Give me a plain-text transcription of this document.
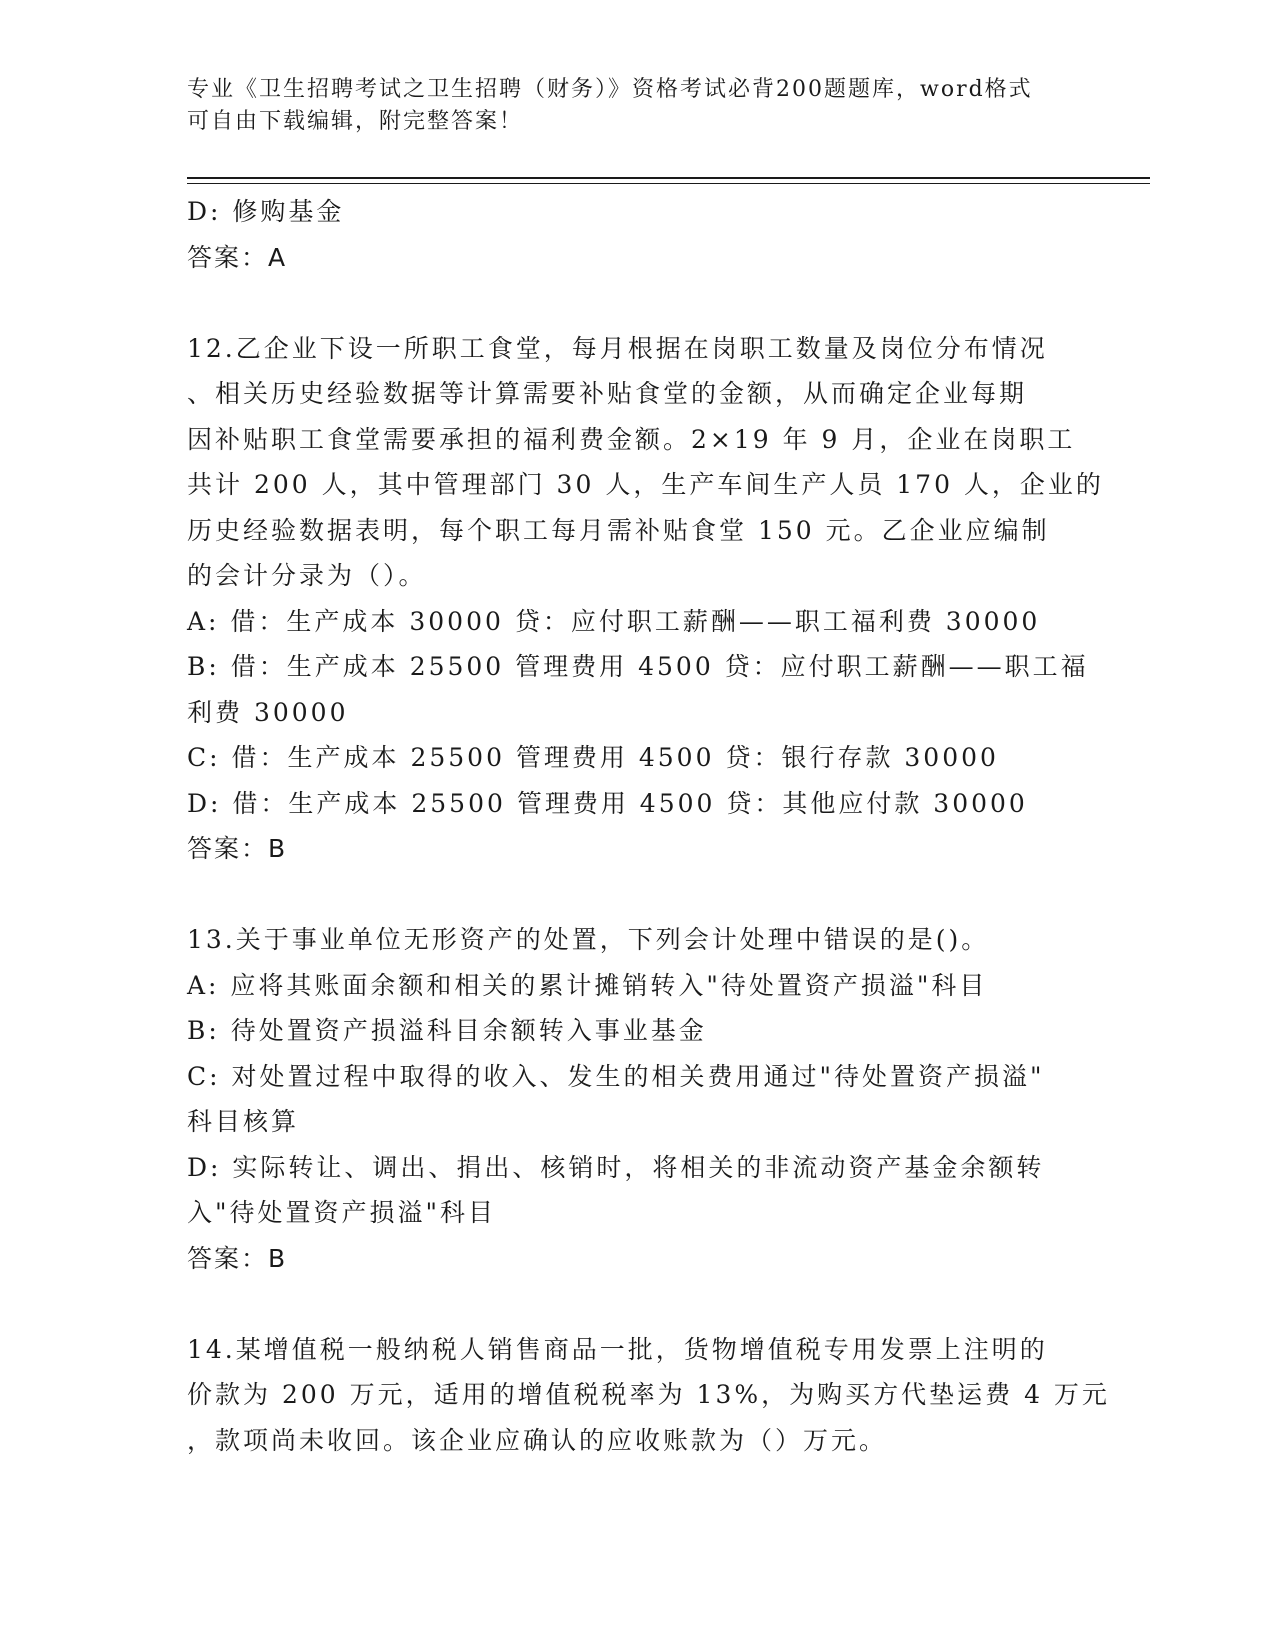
专业《卫生招聘考试之卫生招聘（财务）》资格考试必背200题题库，word格式
可自由下载编辑，附完整答案！
D: 修购基金
答案：A
12.乙企业下设一所职工食堂，每月根据在岗职工数量及岗位分布情况
、相关历史经验数据等计算需要补贴食堂的金额，从而确定企业每期
因补贴职工食堂需要承担的福利费金额。2×19 年 9 月，企业在岗职工
共计 200 人，其中管理部门 30 人，生产车间生产人员 170 人，企业的
历史经验数据表明，每个职工每月需补贴食堂 150 元。乙企业应编制
的会计分录为（）。
A: 借：生产成本 30000 贷：应付职工薪酬——职工福利费 30000
B: 借：生产成本 25500 管理费用 4500 贷：应付职工薪酬——职工福
利费 30000
C: 借：生产成本 25500 管理费用 4500 贷：银行存款 30000
D: 借：生产成本 25500 管理费用 4500 贷：其他应付款 30000
答案：B
13.关于事业单位无形资产的处置，下列会计处理中错误的是()。
A: 应将其账面余额和相关的累计摊销转入"待处置资产损溢"科目
B: 待处置资产损溢科目余额转入事业基金
C: 对处置过程中取得的收入、发生的相关费用通过"待处置资产损溢"
科目核算
D: 实际转让、调出、捐出、核销时，将相关的非流动资产基金余额转
入"待处置资产损溢"科目
答案：B
14.某增值税一般纳税人销售商品一批，货物增值税专用发票上注明的
价款为 200 万元，适用的增值税税率为 13%，为购买方代垫运费 4 万元
，款项尚未收回。该企业应确认的应收账款为（）万元。
